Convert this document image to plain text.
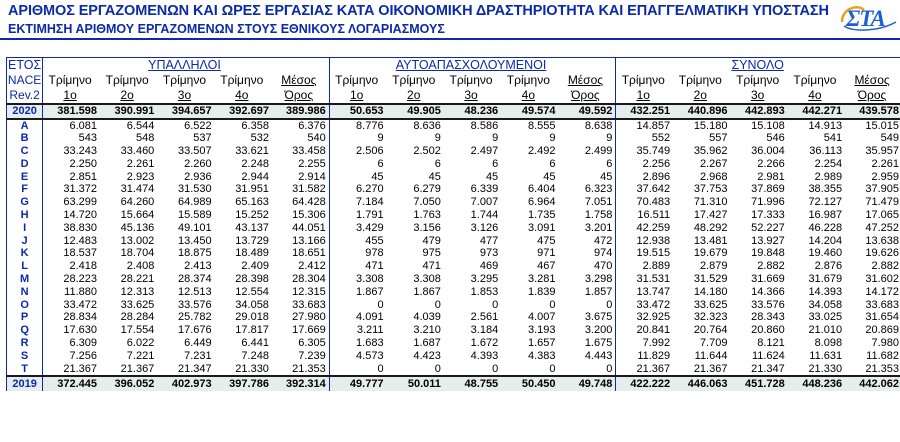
ΑΡΙΘΜΟΣ ΕΡΓΑΖΟΜΕΝΩΝ ΚΑΙ ΩΡΕΣ ΕΡΓΑΣΙΑΣ ΚΑΤΑ ΟΙΚΟΝΟΜΙΚΗ ΔΡΑΣΤΗΡΙΟΤΗΤΑ ΚΑΙ ΕΠΑΓΓΕΛΜΑΤΙΚΗ ΥΠΟΣΤΑΣΗ
ΕΚΤΙΜΗΣΗ ΑΡΙΘΜΟΥ ΕΡΓΑΖΟΜΕΝΩΝ ΣΤΟΥΣ ΕΘΝΙΚΟΥΣ ΛΟΓΑΡΙΑΣΜΟΥΣ	ΣΤΑ
ΕΤΟΣ	ΥΠΑΛΛΗΛΟΙ					ΑΥΤΟΑΠΑΣΧΟΛΟΥΜΕΝΟΙ					ΣΥΝΟΛΟ				
NACE	Τρίμηνο	Τρίμηνο	Τρίμηνο	Τρίμηνο	Μέσος	Τρίμηνο	Τρίμηνο	Τρίμηνο	Τρίμηνο	Μέσος	Τρίμηνο	Τρίμηνο	Τρίμηνο	Τρίμηνο	Μέσος
Rev.2	1ο	2ο	3ο	4ο	Όρος	1ο	2ο	3ο	4ο	Όρος	1ο	2ο	3ο	4ο	Όρος
2020	381.598	390.991	394.657	392.697	389.986	50.653	49.905	48.236	49.574	49.592	432.251	440.896	442.893	442.271	439.578
A	6.081	6.544	6.522	6.358	6.376	8.776	8.636	8.586	8.555	8.638	14.857	15.180	15.108	14.913	15.015
B	543	548	537	532	540	9	9	9	9	9	552	557	546	541	549
C	33.243	33.460	33.507	33.621	33.458	2.506	2.502	2.497	2.492	2.499	35.749	35.962	36.004	36.113	35.957
D	2.250	2.261	2.260	2.248	2.255	6	6	6	6	6	2.256	2.267	2.266	2.254	2.261
E	2.851	2.923	2.936	2.944	2.914	45	45	45	45	45	2.896	2.968	2.981	2.989	2.959
F	31.372	31.474	31.530	31.951	31.582	6.270	6.279	6.339	6.404	6.323	37.642	37.753	37.869	38.355	37.905
G	63.299	64.260	64.989	65.163	64.428	7.184	7.050	7.007	6.964	7.051	70.483	71.310	71.996	72.127	71.479
H	14.720	15.664	15.589	15.252	15.306	1.791	1.763	1.744	1.735	1.758	16.511	17.427	17.333	16.987	17.065
I	38.830	45.136	49.101	43.137	44.051	3.429	3.156	3.126	3.091	3.201	42.259	48.292	52.227	46.228	47.252
J	12.483	13.002	13.450	13.729	13.166	455	479	477	475	472	12.938	13.481	13.927	14.204	13.638
K	18.537	18.704	18.875	18.489	18.651	978	975	973	971	974	19.515	19.679	19.848	19.460	19.626
L	2.418	2.408	2.413	2.409	2.412	471	471	469	467	470	2.889	2.879	2.882	2.876	2.882
M	28.223	28.221	28.374	28.398	28.304	3.308	3.308	3.295	3.281	3.298	31.531	31.529	31.669	31.679	31.602
N	11.880	12.313	12.513	12.554	12.315	1.867	1.867	1.853	1.839	1.857	13.747	14.180	14.366	14.393	14.172
O	33.472	33.625	33.576	34.058	33.683	0	0	0	0	0	33.472	33.625	33.576	34.058	33.683
P	28.834	28.284	25.782	29.018	27.980	4.091	4.039	2.561	4.007	3.675	32.925	32.323	28.343	33.025	31.654
Q	17.630	17.554	17.676	17.817	17.669	3.211	3.210	3.184	3.193	3.200	20.841	20.764	20.860	21.010	20.869
R	6.309	6.022	6.449	6.441	6.305	1.683	1.687	1.672	1.657	1.675	7.992	7.709	8.121	8.098	7.980
S	7.256	7.221	7.231	7.248	7.239	4.573	4.423	4.393	4.383	4.443	11.829	11.644	11.624	11.631	11.682
T	21.367	21.367	21.347	21.330	21.353	0	0	0	0	0	21.367	21.367	21.347	21.330	21.353
2019	372.445	396.052	402.973	397.786	392.314	49.777	50.011	48.755	50.450	49.748	422.222	446.063	451.728	448.236	442.062
